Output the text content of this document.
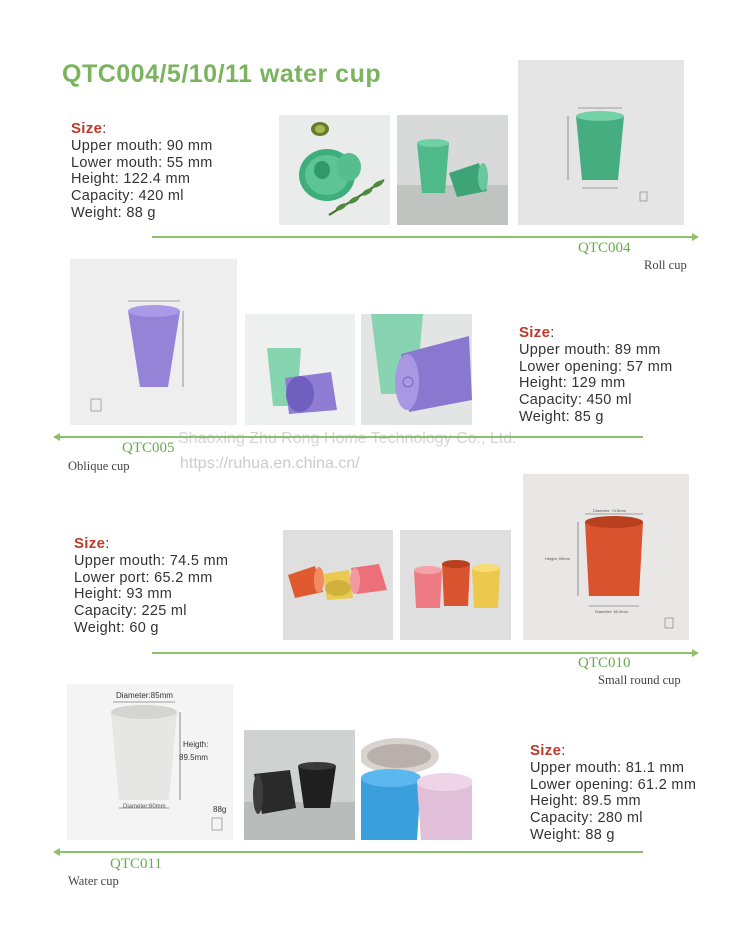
QTC004/5/10/11 water cup
Size:
Upper mouth: 90 mm
Lower mouth: 55 mm
Height: 122.4 mm
Capacity: 420 ml
Weight: 88 g
QTC004
Roll cup
Size:
Upper mouth: 89 mm
Lower opening: 57 mm
Height: 129 mm
Capacity: 450 ml
Weight: 85 g
QTC005
Oblique cup
Shaoxing Zhu Rong Home Technology Co., Ltd.
https://ruhua.en.china.cn/
Size:
Upper mouth: 74.5 mm
Lower port: 65.2 mm
Height: 93 mm
Capacity: 225 ml
Weight: 60 g
Diameter: 74.5mm
Height: 93mm
Diameter: 65.2mm
QTC010
Small round cup
Diameter:85mm
Heigth:
89.5mm
Diameter:60mm	88g
Size:
Upper mouth: 81.1 mm
Lower opening: 61.2 mm
Height: 89.5 mm
Capacity: 280 ml
Weight: 88 g
QTC011
Water cup
